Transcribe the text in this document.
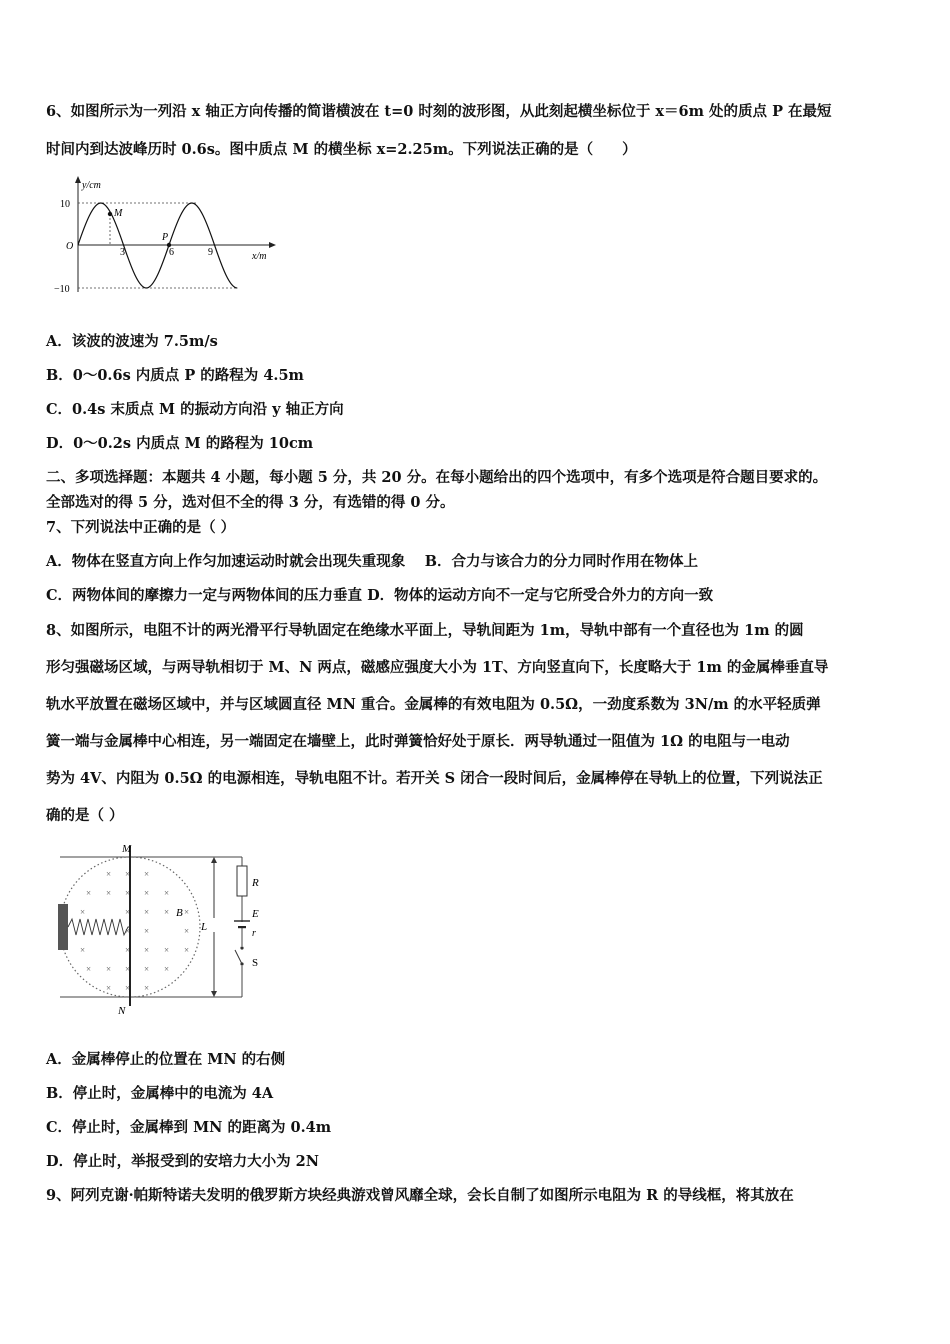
6、如图所示为一列沿 x 轴正方向传播的简谐横波在 t=0 时刻的波形图，从此刻起横坐标位于 x＝6m 处的质点 P 在最短
时间内到达波峰历时 0.6s。图中质点 M 的横坐标 x=2.25m。下列说法正确的是（　　）
y/cm
10
−10
O
M
P
3	6	9	x/m
A．该波的波速为 7.5m/s
B．0～0.6s 内质点 P 的路程为 4.5m
C．0.4s 末质点 M 的振动方向沿 y 轴正方向
D．0～0.2s 内质点 M 的路程为 10cm
二、多项选择题：本题共 4 小题，每小题 5 分，共 20 分。在每小题给出的四个选项中，有多个选项是符合题目要求的。
全部选对的得 5 分，选对但不全的得 3 分，有选错的得 0 分。
7、下列说法中正确的是（ ）
A．物体在竖直方向上作匀加速运动时就会出现失重现象　 B．合力与该合力的分力同时作用在物体上
C．两物体间的摩擦力一定与两物体间的压力垂直 D．物体的运动方向不一定与它所受合外力的方向一致
8、如图所示，电阻不计的两光滑平行导轨固定在绝缘水平面上，导轨间距为 1m，导轨中部有一个直径也为 1m 的圆
形匀强磁场区域，与两导轨相切于 M、N 两点，磁感应强度大小为 1T、方向竖直向下，长度略大于 1m 的金属棒垂直导
轨水平放置在磁场区域中，并与区域圆直径 MN 重合。金属棒的有效电阻为 0.5Ω，一劲度系数为 3N/m 的水平轻质弹
簧一端与金属棒中心相连，另一端固定在墙壁上，此时弹簧恰好处于原长．两导轨通过一阻值为 1Ω 的电阻与一电动
势为 4V、内阻为 0.5Ω 的电源相连，导轨电阻不计。若开关 S 闭合一段时间后，金属棒停在导轨上的位置，下列说法正
确的是（ ）
× × ×
× × × × ×
×	× × × ×
× ×	×
×	× × × ×
× × × × ×
× × ×
M
N
B
L
R
E
r
S
A．金属棒停止的位置在 MN 的右侧
B．停止时，金属棒中的电流为 4A
C．停止时，金属棒到 MN 的距离为 0.4m
D．停止时，举报受到的安培力大小为 2N
9、阿列克谢·帕斯特诺夫发明的俄罗斯方块经典游戏曾风靡全球，会长自制了如图所示电阻为 R 的导线框，将其放在
